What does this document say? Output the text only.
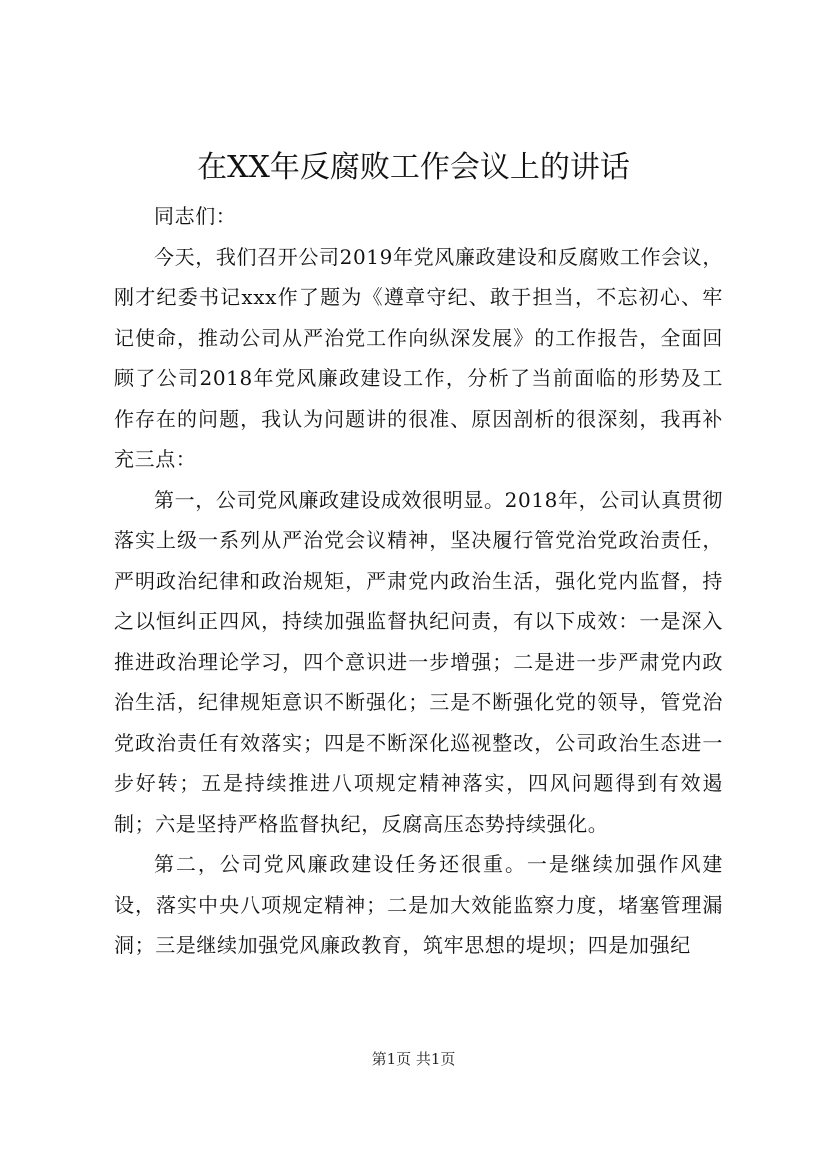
在XX年反腐败工作会议上的讲话

同志们：

今天，我们召开公司2019年党风廉政建设和反腐败工作会议，刚才纪委书记xxx作了题为《遵章守纪、敢于担当，不忘初心、牢记使命，推动公司从严治党工作向纵深发展》的工作报告，全面回顾了公司2018年党风廉政建设工作，分析了当前面临的形势及工作存在的问题，我认为问题讲的很准、原因剖析的很深刻，我再补充三点：

第一，公司党风廉政建设成效很明显。2018年，公司认真贯彻落实上级一系列从严治党会议精神，坚决履行管党治党政治责任，严明政治纪律和政治规矩，严肃党内政治生活，强化党内监督，持之以恒纠正四风，持续加强监督执纪问责，有以下成效：一是深入推进政治理论学习，四个意识进一步增强；二是进一步严肃党内政治生活，纪律规矩意识不断强化；三是不断强化党的领导，管党治党政治责任有效落实；四是不断深化巡视整改，公司政治生态进一步好转；五是持续推进八项规定精神落实，四风问题得到有效遏制；六是坚持严格监督执纪，反腐高压态势持续强化。

第二，公司党风廉政建设任务还很重。一是继续加强作风建设，落实中央八项规定精神；二是加大效能监察力度，堵塞管理漏洞；三是继续加强党风廉政教育，筑牢思想的堤坝；四是加强纪

第1页 共1页
